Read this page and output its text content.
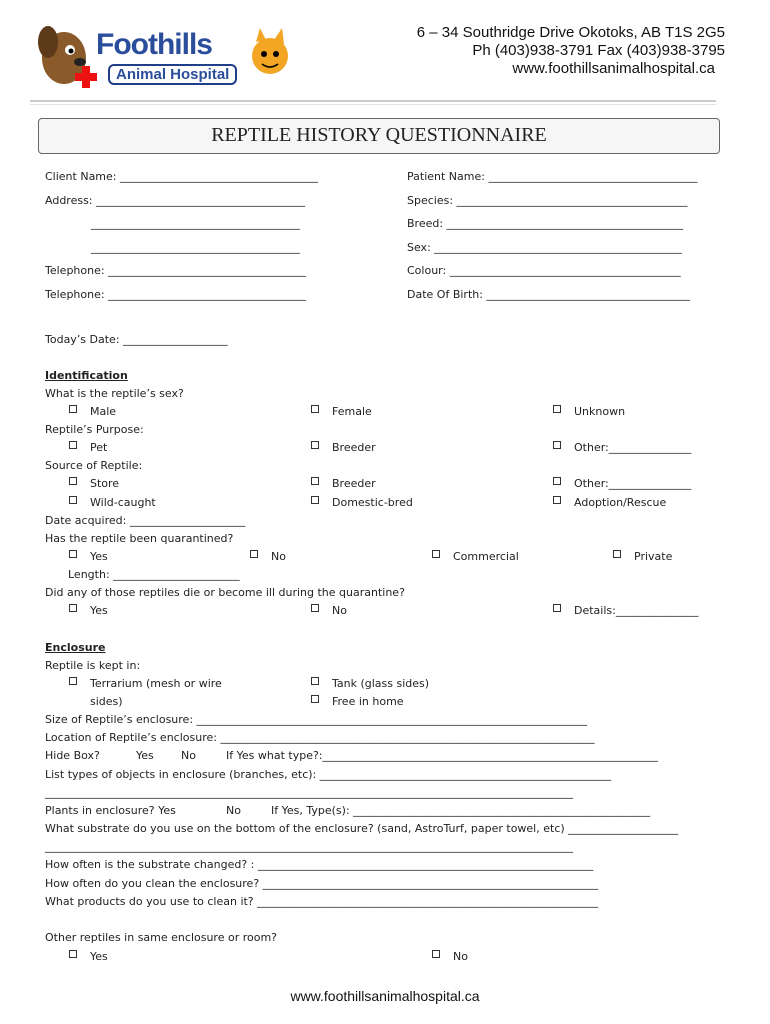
Foothills
Animal Hospital
6 – 34 Southridge Drive Okotoks, AB T1S 2G5
Ph (403)938-3791 Fax (403)938-3795
www.foothillsanimalhospital.ca
REPTILE HISTORY QUESTIONNAIRE
Client Name: ____________________________________
Address: ______________________________________
______________________________________
______________________________________
Telephone: ____________________________________
Telephone: ____________________________________
Patient Name: ______________________________________
Species: __________________________________________
Breed: ___________________________________________
Sex: _____________________________________________
Colour: __________________________________________
Date Of Birth: _____________________________________
Today’s Date: ___________________
Identification
What is the reptile’s sex?
Male	Female	Unknown
Reptile’s Purpose:
Pet	Breeder	Other:_______________
Source of Reptile:
Store	Breeder	Other:_______________
Wild-caught	Domestic-bred	Adoption/Rescue
Date acquired: _____________________
Has the reptile been quarantined?
Yes	No	Commercial	Private
Length: _______________________
Did any of those reptiles die or become ill during the quarantine?
Yes	No	Details:_______________
Enclosure
Reptile is kept in:
Terrarium (mesh or wire
sides)
Tank (glass sides)
Free in home
Size of Reptile’s enclosure: _______________________________________________________________________
Location of Reptile’s enclosure: ____________________________________________________________________
Hide Box?	Yes No	If Yes what type?:_____________________________________________________________
List types of objects in enclosure (branches, etc): _____________________________________________________
________________________________________________________________________________________________
Plants in enclosure? Yes	No	If Yes, Type(s): ______________________________________________________
What substrate do you use on the bottom of the enclosure? (sand, AstroTurf, paper towel, etc) ____________________
________________________________________________________________________________________________
How often is the substrate changed? : _____________________________________________________________
How often do you clean the enclosure? _____________________________________________________________
What products do you use to clean it? ______________________________________________________________
Other reptiles in same enclosure or room?
Yes	No
www.foothillsanimalhospital.ca
